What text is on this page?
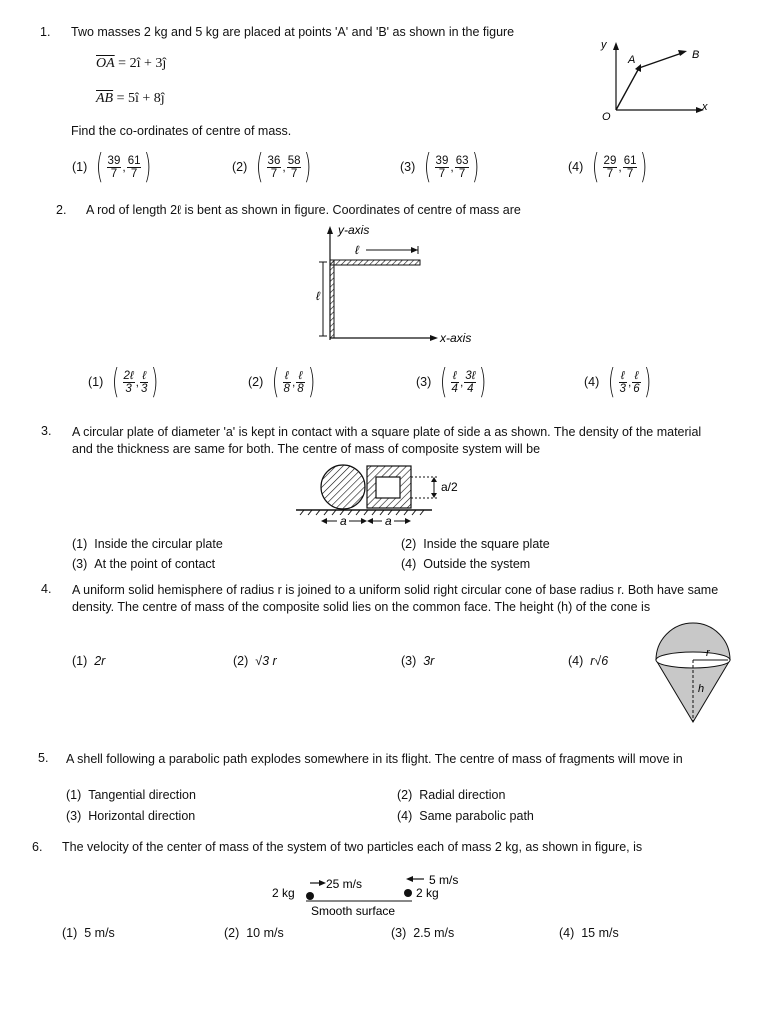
1. Two masses 2 kg and 5 kg are placed at points 'A' and 'B' as shown in the figure
$\overline{OA}$ = 2î + 3ĵ
$\overline{AB}$ = 5î + 8ĵ
Find the co-ordinates of centre of mass.
y
x
O
A	B
(1) ( $\frac{39}{7}$ , $\frac{61}{7}$ )	(2) ( $\frac{36}{7}$ , $\frac{58}{7}$ )	(3) ( $\frac{39}{7}$ , $\frac{63}{7}$ )	(4) ( $\frac{29}{7}$ , $\frac{61}{7}$ )
2. A rod of length 2ℓ is bent as shown in figure. Coordinates of centre of mass are
y-axis
x-axis
ℓ
ℓ
(1) ( $\frac{\text{2ℓ}}{3}$ , $\frac{\text{ℓ}}{3}$ )	(2) ( $\frac{\text{ℓ}}{8}$ , $\frac{\text{ℓ}}{8}$ )	(3) ( $\frac{\text{ℓ}}{4}$ , $\frac{\text{3ℓ}}{4}$ )	(4) ( $\frac{\text{ℓ}}{3}$ , $\frac{\text{ℓ}}{6}$ )
3. A circular plate of diameter 'a' is kept in contact with a square plate of side a as shown. The density of the material and the thickness are same for both. The centre of mass of composite system will be
a/2
a	a
(1) Inside the circular plate	(2) Inside the square plate
(3) At the point of contact	(4) Outside the system
4. A uniform solid hemisphere of radius r is joined to a uniform solid right circular cone of base radius r. Both have same density. The centre of mass of the composite solid lies on the common face. The height (h) of the cone is
r
h
(1) 2r	(2) √3 r	(3) 3r	(4) r√6
5. A shell following a parabolic path explodes somewhere in its flight. The centre of mass of fragments will move in
(1) Tangential direction	(2) Radial direction
(3) Horizontal direction	(4) Same parabolic path
6. The velocity of the center of mass of the system of two particles each of mass 2 kg, as shown in figure, is
25 m/s	5 m/s
2 kg	2 kg
Smooth surface
(1) 5 m/s	(2) 10 m/s	(3) 2.5 m/s	(4) 15 m/s
